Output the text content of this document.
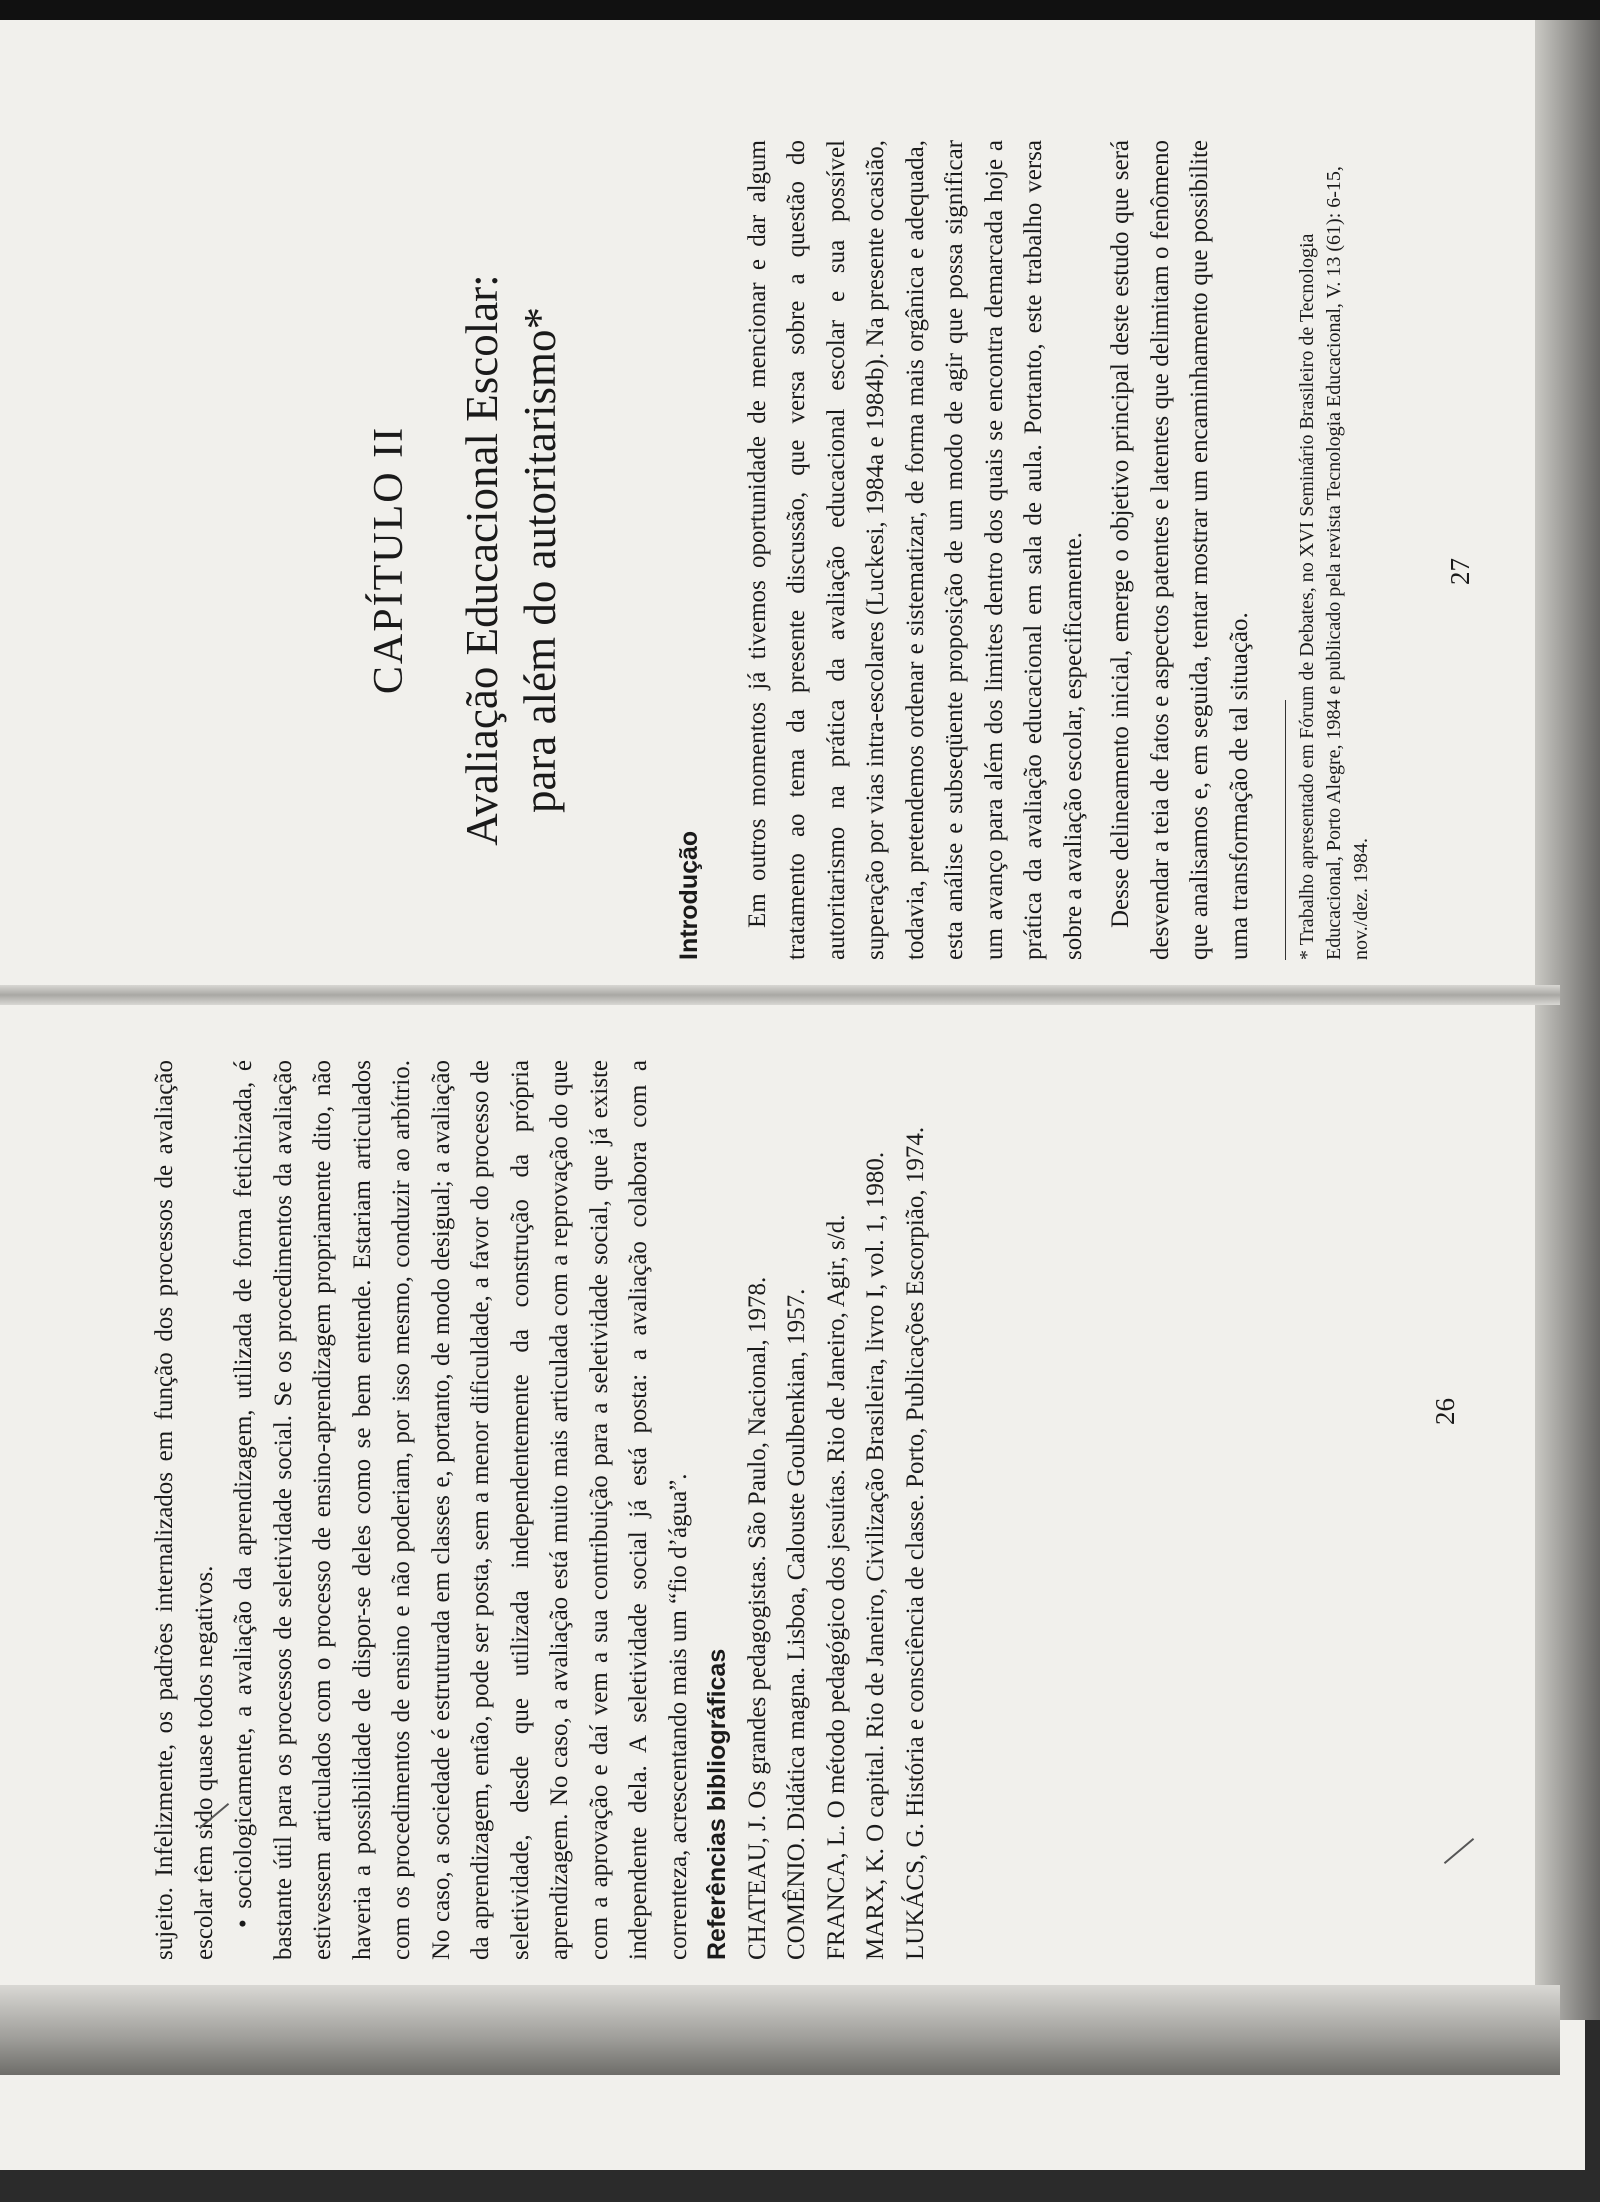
sujeito. Infelizmente, os padrões internalizados em função dos processos de avaliação escolar têm sido quase todos negativos. • sociologicamente, a avaliação da aprendizagem, utilizada de forma fetichizada, é bastante útil para os processos de seletividade social. Se os procedimentos da avaliação estivessem articulados com o processo de ensino-aprendizagem propriamente dito, não haveria a possibilidade de dispor-se deles como se bem entende. Estariam articulados com os procedimentos de ensino e não poderiam, por isso mesmo, conduzir ao arbítrio. No caso, a sociedade é estruturada em classes e, portanto, de modo desigual; a avaliação da aprendizagem, então, pode ser posta, sem a menor dificuldade, a favor do processo de seletividade, desde que utilizada independentemente da construção da própria aprendizagem. No caso, a avaliação está muito mais articulada com a reprovação do que com a aprovação e daí vem a sua contribuição para a seletividade social, que já existe independente dela. A seletividade social já está posta: a avaliação colabora com a correnteza, acrescentando mais um “fio d’água”. Referências bibliográficas CHATEAU, J. Os grandes pedagogistas. São Paulo, Nacional, 1978. COMÊNIO. Didática magna. Lisboa, Calouste Goulbenkian, 1957. FRANCA, L. O método pedagógico dos jesuítas. Rio de Janeiro, Agir, s/d. MARX, K. O capital. Rio de Janeiro, Civilização Brasileira, livro I, vol. 1, 1980. LUKÁCS, G. História e consciência de classe. Porto, Publicações Escorpião, 1974.	26

CAPÍTULO II Avaliação Educacional Escolar: para além do autoritarismo*

Introdução Em outros momentos já tivemos oportunidade de mencionar e dar algum tratamento ao tema da presente discussão, que versa sobre a questão do autoritarismo na prática da avaliação educacional escolar e sua possível superação por vias intra-escolares (Luckesi, 1984a e 1984b). Na presente ocasião, todavia, pretendemos ordenar e sistematizar, de forma mais orgânica e adequada, esta análise e subseqüente proposição de um modo de agir que possa significar um avanço para além dos limites dentro dos quais se encontra demarcada hoje a prática da avaliação educacional em sala de aula. Portanto, este trabalho versa sobre a avaliação escolar, especificamente. Desse delineamento inicial, emerge o objetivo principal deste estudo que será desvendar a teia de fatos e aspectos patentes e latentes que delimitam o fenômeno que analisamos e, em seguida, tentar mostrar um encaminhamento que possibilite uma transformação de tal situação.	* Trabalho apresentado em Fórum de Debates, no XVI Seminário Brasileiro de Tecnologia Educacional, Porto Alegre, 1984 e publicado pela revista Tecnologia Educacional, V. 13 (61): 6-15, nov./dez. 1984.

27
